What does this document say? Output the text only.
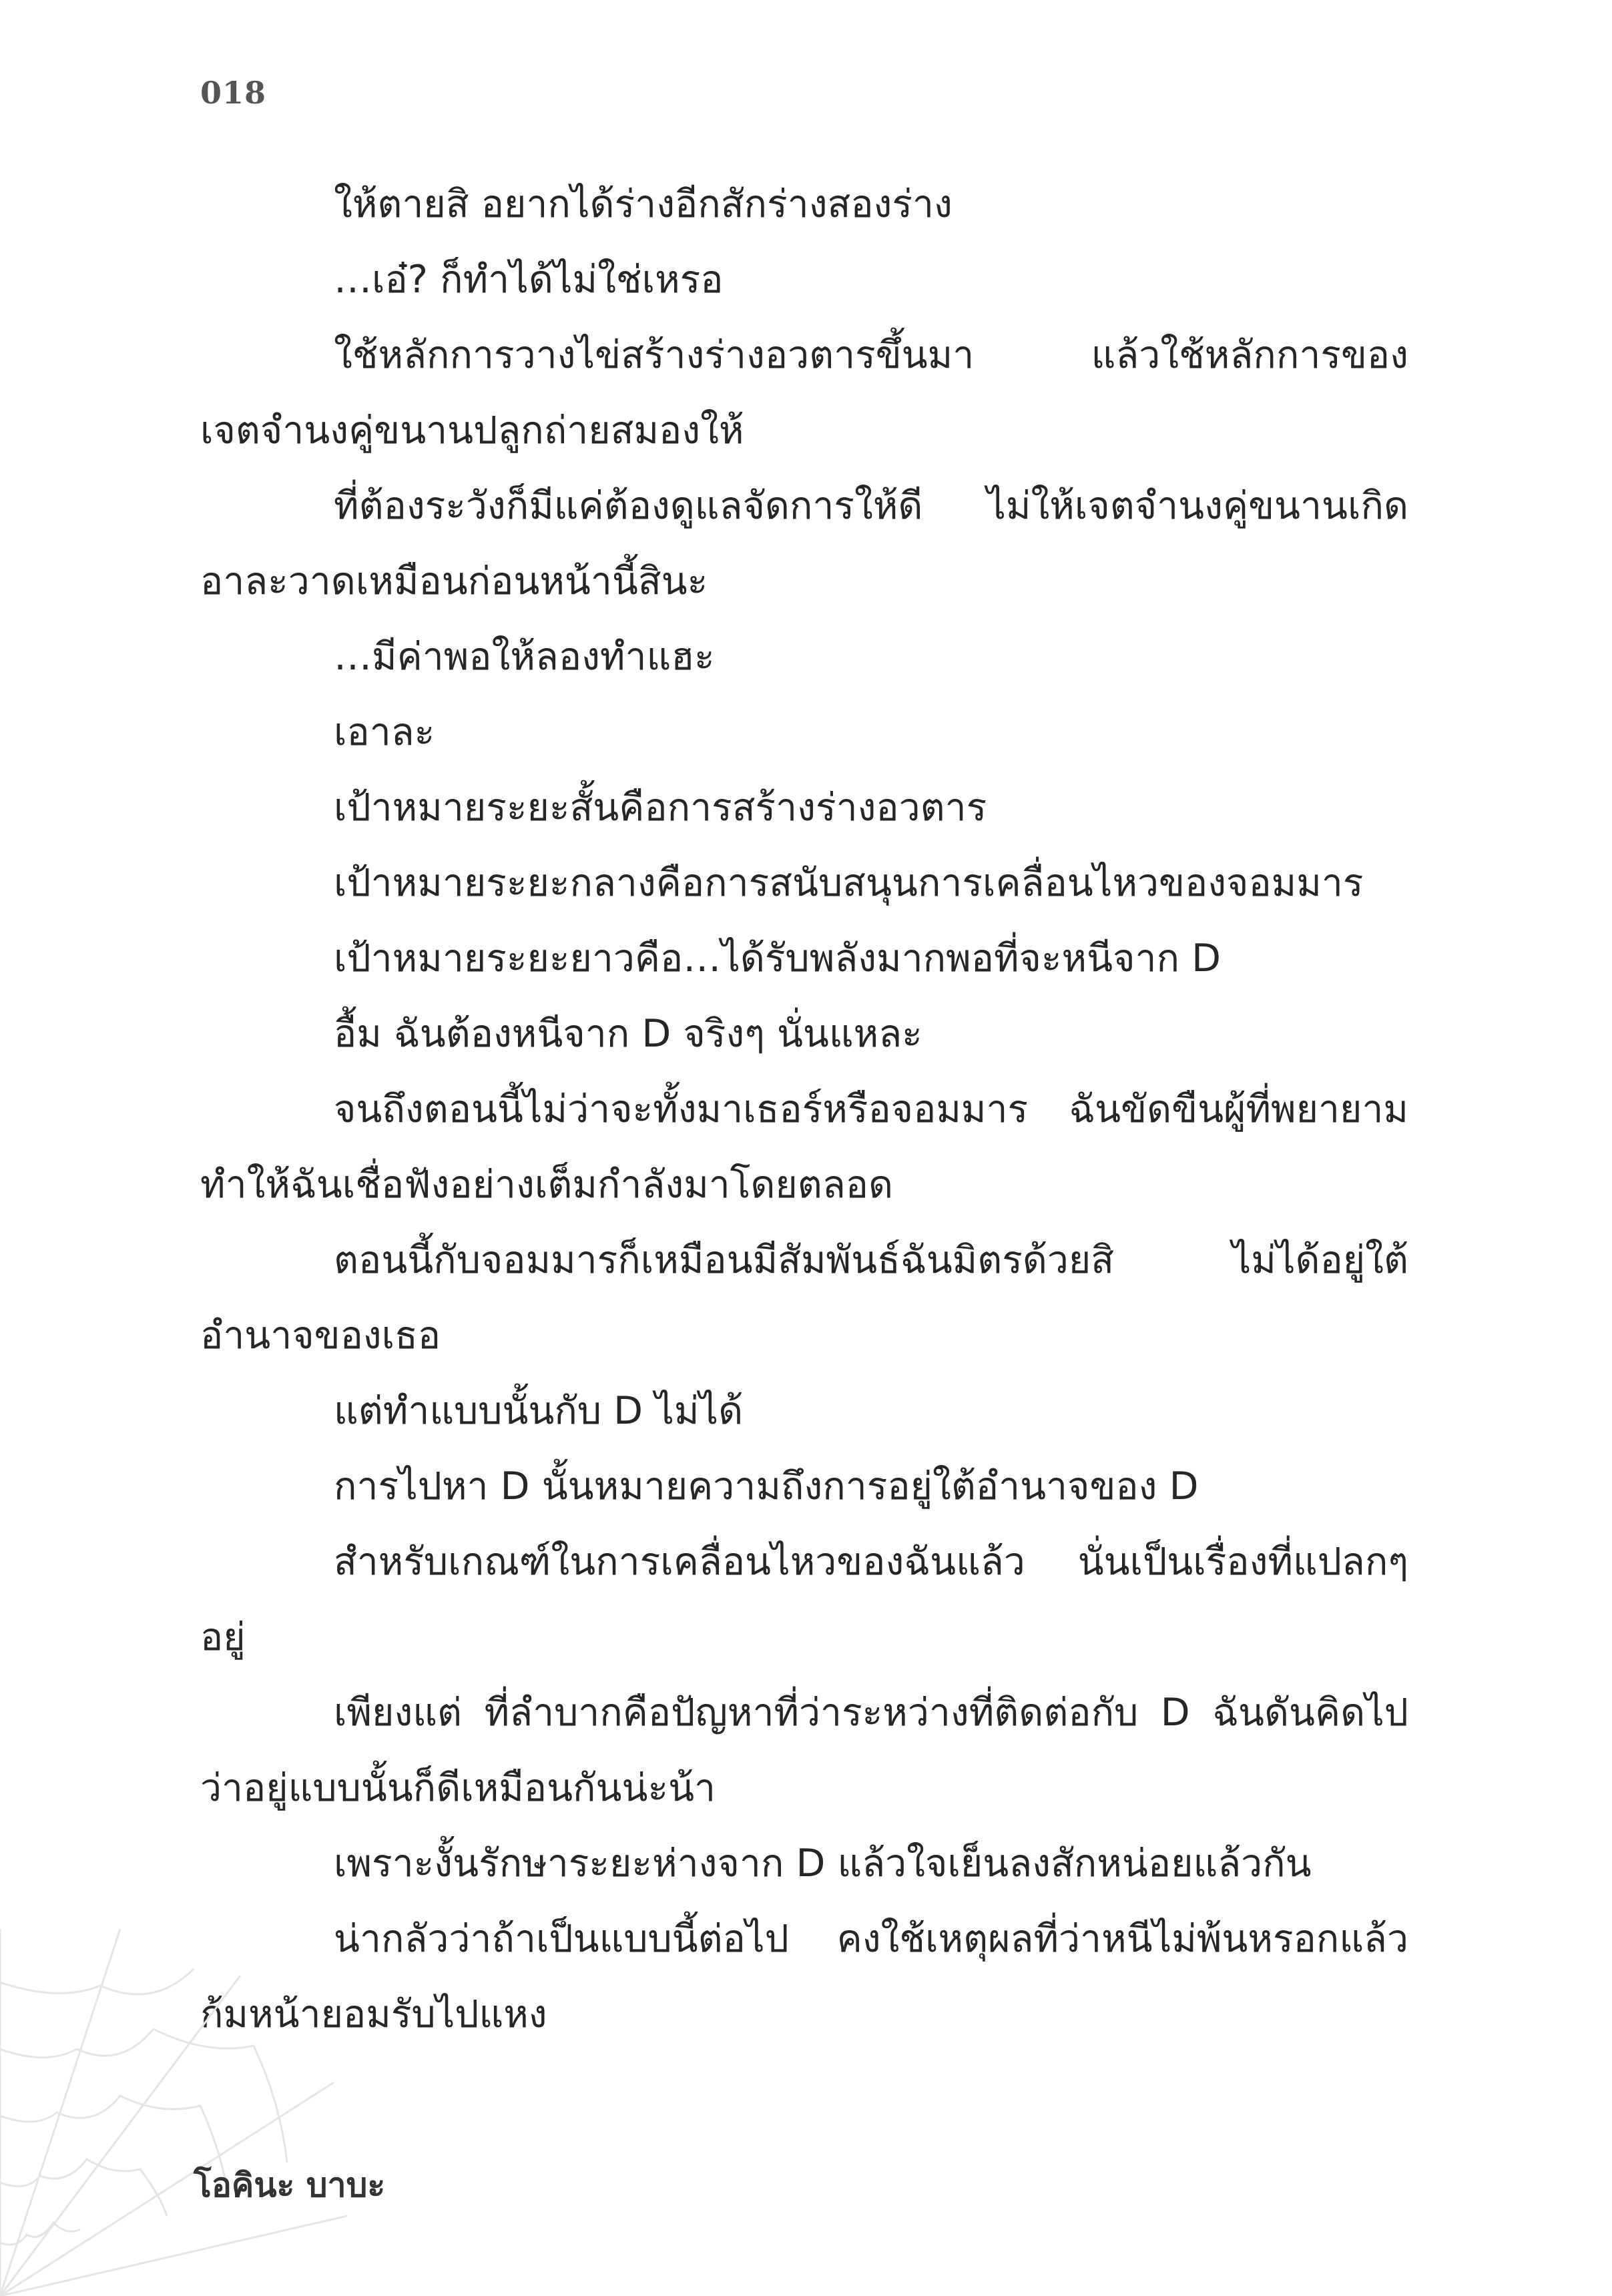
018

ให้ตายสิ อยากได้ร่างอีกสักร่างสองร่าง

…เอ๋? ก็ทำได้ไม่ใช่เหรอ

ใช้หลักการวางไข่สร้างร่างอวตารขึ้นมา แล้วใช้หลักการของเจตจำนงคู่ขนานปลูกถ่ายสมองให้

ที่ต้องระวังก็มีแค่ต้องดูแลจัดการให้ดี ไม่ให้เจตจำนงคู่ขนานเกิดอาละวาดเหมือนก่อนหน้านี้สินะ

…มีค่าพอให้ลองทำแฮะ

เอาละ

เป้าหมายระยะสั้นคือการสร้างร่างอวตาร

เป้าหมายระยะกลางคือการสนับสนุนการเคลื่อนไหวของจอมมาร

เป้าหมายระยะยาวคือ…ได้รับพลังมากพอที่จะหนีจาก D

อื้ม ฉันต้องหนีจาก D จริงๆ นั่นแหละ

จนถึงตอนนี้ไม่ว่าจะทั้งมาเธอร์หรือจอมมาร ฉันขัดขืนผู้ที่พยายามทำให้ฉันเชื่อฟังอย่างเต็มกำลังมาโดยตลอด

ตอนนี้กับจอมมารก็เหมือนมีสัมพันธ์ฉันมิตรด้วยสิ ไม่ได้อยู่ใต้อำนาจของเธอ

แต่ทำแบบนั้นกับ D ไม่ได้

การไปหา D นั้นหมายความถึงการอยู่ใต้อำนาจของ D

สำหรับเกณฑ์ในการเคลื่อนไหวของฉันแล้ว นั่นเป็นเรื่องที่แปลกๆ อยู่

เพียงแต่ ที่ลำบากคือปัญหาที่ว่าระหว่างที่ติดต่อกับ D ฉันดันคิดไปว่าอยู่แบบนั้นก็ดีเหมือนกันน่ะน้า

เพราะงั้นรักษาระยะห่างจาก D แล้วใจเย็นลงสักหน่อยแล้วกัน

น่ากลัวว่าถ้าเป็นแบบนี้ต่อไป คงใช้เหตุผลที่ว่าหนีไม่พ้นหรอกแล้วก้มหน้ายอมรับไปแหง

โอคินะ บาบะ
